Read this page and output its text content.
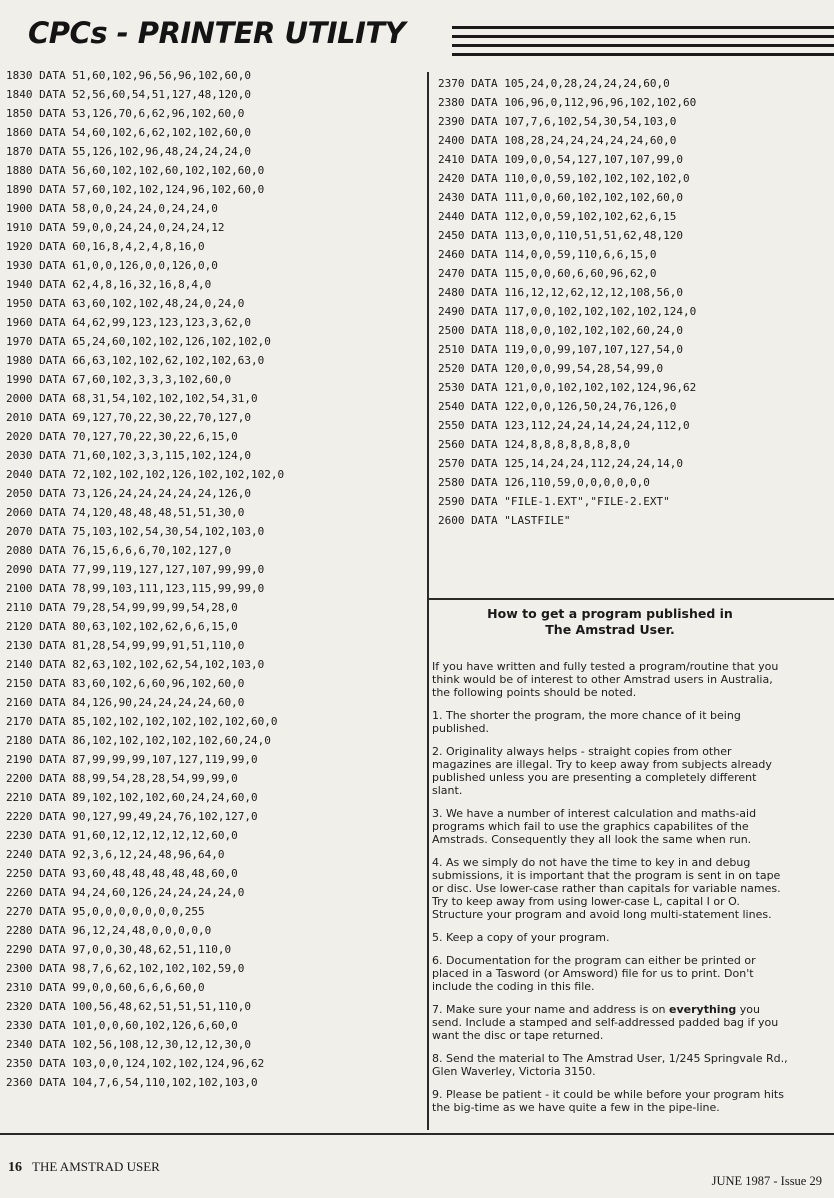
CPCs - PRINTER UTILITY
1830 DATA 51,60,102,96,56,96,102,60,0
1840 DATA 52,56,60,54,51,127,48,120,0
1850 DATA 53,126,70,6,62,96,102,60,0
1860 DATA 54,60,102,6,62,102,102,60,0
1870 DATA 55,126,102,96,48,24,24,24,0
1880 DATA 56,60,102,102,60,102,102,60,0
1890 DATA 57,60,102,102,124,96,102,60,0
1900 DATA 58,0,0,24,24,0,24,24,0
1910 DATA 59,0,0,24,24,0,24,24,12
1920 DATA 60,16,8,4,2,4,8,16,0
1930 DATA 61,0,0,126,0,0,126,0,0
1940 DATA 62,4,8,16,32,16,8,4,0
1950 DATA 63,60,102,102,48,24,0,24,0
1960 DATA 64,62,99,123,123,123,3,62,0
1970 DATA 65,24,60,102,102,126,102,102,0
1980 DATA 66,63,102,102,62,102,102,63,0
1990 DATA 67,60,102,3,3,3,102,60,0
2000 DATA 68,31,54,102,102,102,54,31,0
2010 DATA 69,127,70,22,30,22,70,127,0
2020 DATA 70,127,70,22,30,22,6,15,0
2030 DATA 71,60,102,3,3,115,102,124,0
2040 DATA 72,102,102,102,126,102,102,102,0
2050 DATA 73,126,24,24,24,24,24,126,0
2060 DATA 74,120,48,48,48,51,51,30,0
2070 DATA 75,103,102,54,30,54,102,103,0
2080 DATA 76,15,6,6,6,70,102,127,0
2090 DATA 77,99,119,127,127,107,99,99,0
2100 DATA 78,99,103,111,123,115,99,99,0
2110 DATA 79,28,54,99,99,99,54,28,0
2120 DATA 80,63,102,102,62,6,6,15,0
2130 DATA 81,28,54,99,99,91,51,110,0
2140 DATA 82,63,102,102,62,54,102,103,0
2150 DATA 83,60,102,6,60,96,102,60,0
2160 DATA 84,126,90,24,24,24,24,60,0
2170 DATA 85,102,102,102,102,102,102,60,0
2180 DATA 86,102,102,102,102,102,60,24,0
2190 DATA 87,99,99,99,107,127,119,99,0
2200 DATA 88,99,54,28,28,54,99,99,0
2210 DATA 89,102,102,102,60,24,24,60,0
2220 DATA 90,127,99,49,24,76,102,127,0
2230 DATA 91,60,12,12,12,12,12,60,0
2240 DATA 92,3,6,12,24,48,96,64,0
2250 DATA 93,60,48,48,48,48,48,60,0
2260 DATA 94,24,60,126,24,24,24,24,0
2270 DATA 95,0,0,0,0,0,0,0,255
2280 DATA 96,12,24,48,0,0,0,0,0
2290 DATA 97,0,0,30,48,62,51,110,0
2300 DATA 98,7,6,62,102,102,102,59,0
2310 DATA 99,0,0,60,6,6,6,60,0
2320 DATA 100,56,48,62,51,51,51,110,0
2330 DATA 101,0,0,60,102,126,6,60,0
2340 DATA 102,56,108,12,30,12,12,30,0
2350 DATA 103,0,0,124,102,102,124,96,62
2360 DATA 104,7,6,54,110,102,102,103,0
2370 DATA 105,24,0,28,24,24,24,60,0
2380 DATA 106,96,0,112,96,96,102,102,60
2390 DATA 107,7,6,102,54,30,54,103,0
2400 DATA 108,28,24,24,24,24,24,60,0
2410 DATA 109,0,0,54,127,107,107,99,0
2420 DATA 110,0,0,59,102,102,102,102,0
2430 DATA 111,0,0,60,102,102,102,60,0
2440 DATA 112,0,0,59,102,102,62,6,15
2450 DATA 113,0,0,110,51,51,62,48,120
2460 DATA 114,0,0,59,110,6,6,15,0
2470 DATA 115,0,0,60,6,60,96,62,0
2480 DATA 116,12,12,62,12,12,108,56,0
2490 DATA 117,0,0,102,102,102,102,124,0
2500 DATA 118,0,0,102,102,102,60,24,0
2510 DATA 119,0,0,99,107,107,127,54,0
2520 DATA 120,0,0,99,54,28,54,99,0
2530 DATA 121,0,0,102,102,102,124,96,62
2540 DATA 122,0,0,126,50,24,76,126,0
2550 DATA 123,112,24,24,14,24,24,112,0
2560 DATA 124,8,8,8,8,8,8,8,0
2570 DATA 125,14,24,24,112,24,24,14,0
2580 DATA 126,110,59,0,0,0,0,0,0
2590 DATA "FILE-1.EXT","FILE-2.EXT"
2600 DATA "LASTFILE"
How to get a program published in
The Amstrad User.

If you have written and fully tested a program/routine that you think would be of interest to other Amstrad users in Australia, the following points should be noted.

1. The shorter the program, the more chance of it being published.
2. Originality always helps - straight copies from other magazines are illegal. Try to keep away from subjects already published unless you are presenting a completely different slant.
3. We have a number of interest calculation and maths-aid programs which fail to use the graphics capabilites of the Amstrads. Consequently they all look the same when run.
4. As we simply do not have the time to key in and debug submissions, it is important that the program is sent in on tape or disc. Use lower-case rather than capitals for variable names. Try to keep away from using lower-case L, capital I or O. Structure your program and avoid long multi-statement lines.
5. Keep a copy of your program.
6. Documentation for the program can either be printed or placed in a Tasword (or Amsword) file for us to print. Don't include the coding in this file.
7. Make sure your name and address is on everything you send. Include a stamped and self-addressed padded bag if you want the disc or tape returned.
8. Send the material to The Amstrad User, 1/245 Springvale Rd., Glen Waverley, Victoria 3150.
9. Please be patient - it could be while before your program hits the big-time as we have quite a few in the pipe-line.
16 THE AMSTRAD USER
JUNE 1987 - Issue 29
